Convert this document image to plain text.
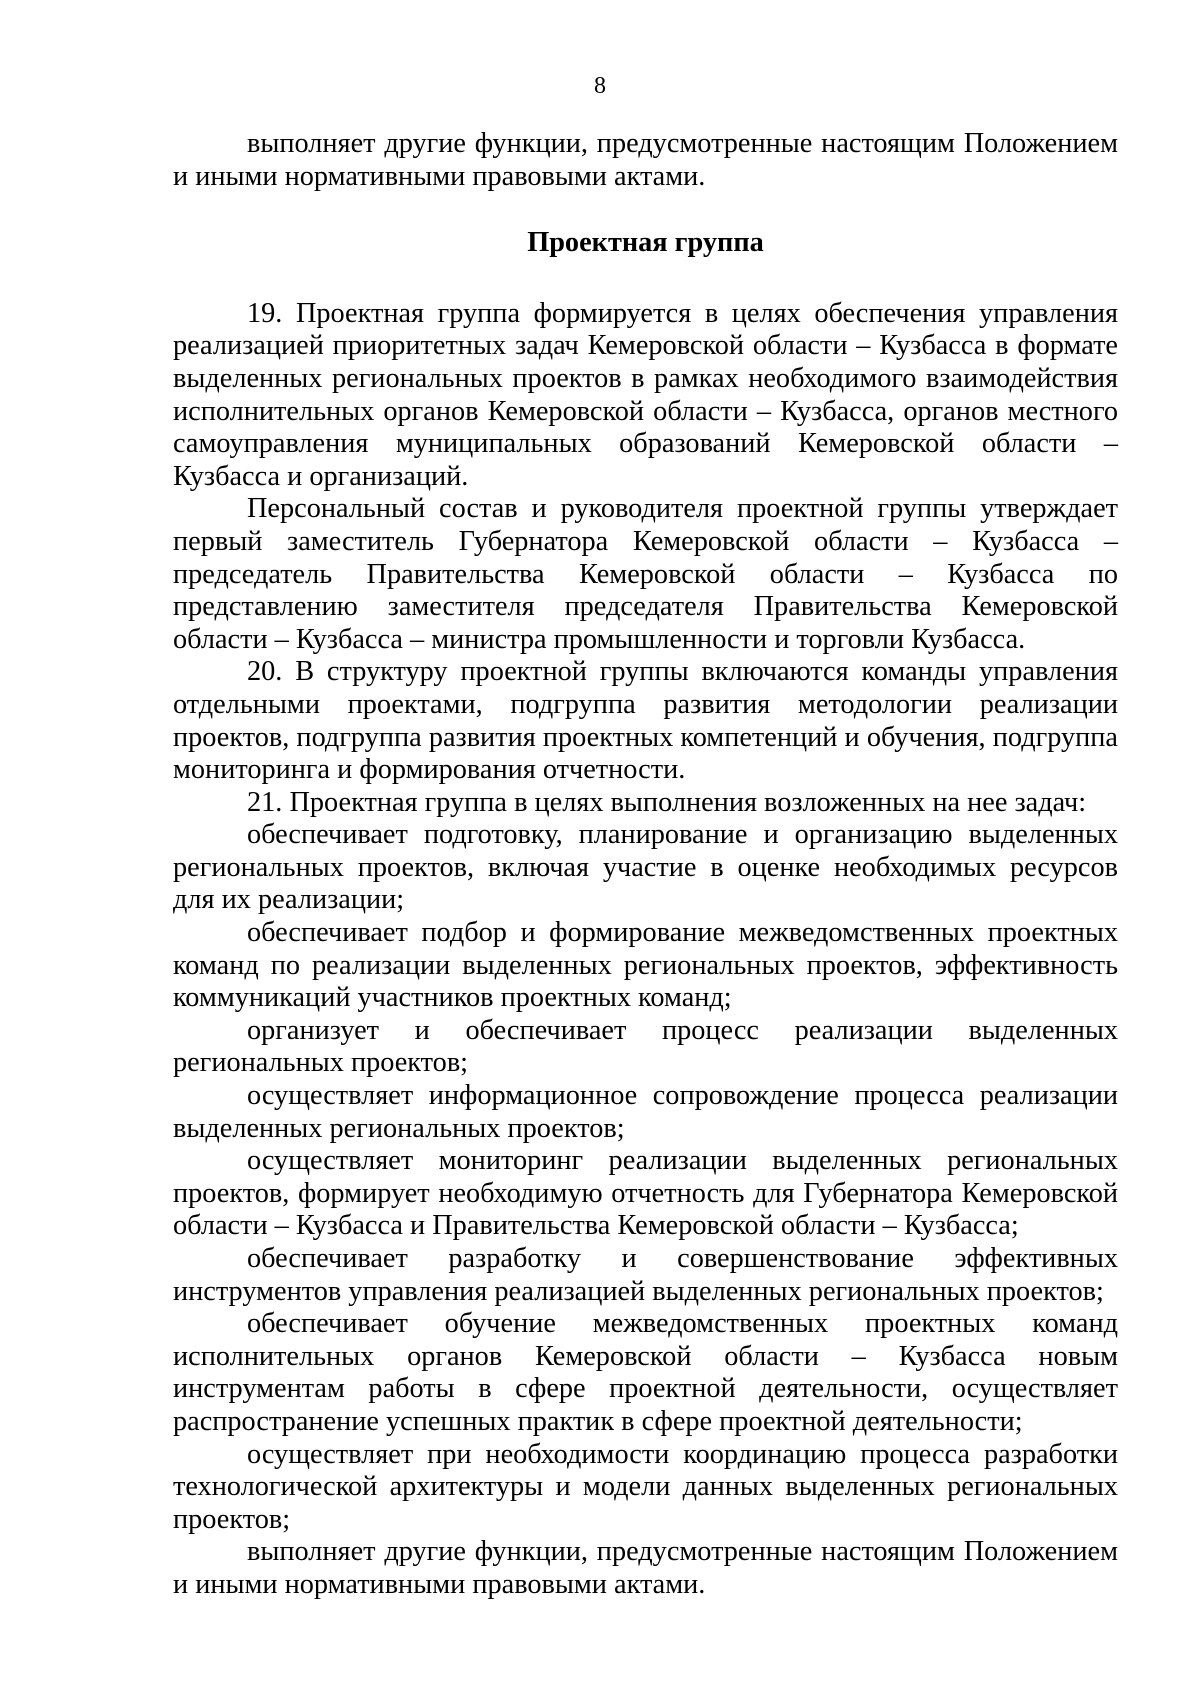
8

выполняет другие функции, предусмотренные настоящим Положением и иными нормативными правовыми актами.

Проектная группа

19. Проектная группа формируется в целях обеспечения управления реализацией приоритетных задач Кемеровской области – Кузбасса в формате выделенных региональных проектов в рамках необходимого взаимодействия исполнительных органов Кемеровской области – Кузбасса, органов местного самоуправления муниципальных образований Кемеровской области – Кузбасса и организаций.

Персональный состав и руководителя проектной группы утверждает первый заместитель Губернатора Кемеровской области – Кузбасса – председатель Правительства Кемеровской области – Кузбасса по представлению заместителя председателя Правительства Кемеровской области – Кузбасса – министра промышленности и торговли Кузбасса.

20. В структуру проектной группы включаются команды управления отдельными проектами, подгруппа развития методологии реализации проектов, подгруппа развития проектных компетенций и обучения, подгруппа мониторинга и формирования отчетности.

21. Проектная группа в целях выполнения возложенных на нее задач:

обеспечивает подготовку, планирование и организацию выделенных региональных проектов, включая участие в оценке необходимых ресурсов для их реализации;

обеспечивает подбор и формирование межведомственных проектных команд по реализации выделенных региональных проектов, эффективность коммуникаций участников проектных команд;

организует и обеспечивает процесс реализации выделенных региональных проектов;

осуществляет информационное сопровождение процесса реализации выделенных региональных проектов;

осуществляет мониторинг реализации выделенных региональных проектов, формирует необходимую отчетность для Губернатора Кемеровской области – Кузбасса и Правительства Кемеровской области – Кузбасса;

обеспечивает разработку и совершенствование эффективных инструментов управления реализацией выделенных региональных проектов;

обеспечивает обучение межведомственных проектных команд исполнительных органов Кемеровской области – Кузбасса новым инструментам работы в сфере проектной деятельности, осуществляет распространение успешных практик в сфере проектной деятельности;

осуществляет при необходимости координацию процесса разработки технологической архитектуры и модели данных выделенных региональных проектов;

выполняет другие функции, предусмотренные настоящим Положением и иными нормативными правовыми актами.
